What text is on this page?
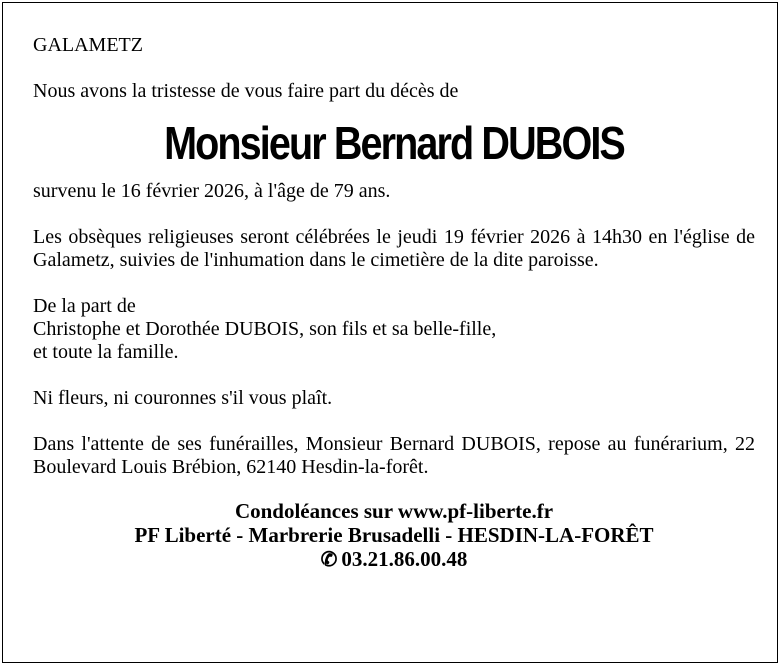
GALAMETZ

Nous avons la tristesse de vous faire part du décès de

Monsieur Bernard DUBOIS

survenu le 16 février 2026, à l'âge de 79 ans.

Les obsèques religieuses seront célébrées le jeudi 19 février 2026 à 14h30 en l'église de Galametz, suivies de l'inhumation dans le cimetière de la dite paroisse.

De la part de

Christophe et Dorothée DUBOIS, son fils et sa belle-fille,

et toute la famille.

Ni fleurs, ni couronnes s'il vous plaît.

Dans l'attente de ses funérailles, Monsieur Bernard DUBOIS, repose au funérarium, 22 Boulevard Louis Brébion, 62140 Hesdin-la-forêt.

Condoléances sur www.pf-liberte.fr
PF Liberté - Marbrerie Brusadelli - HESDIN-LA-FORÊT
✆ 03.21.86.00.48
